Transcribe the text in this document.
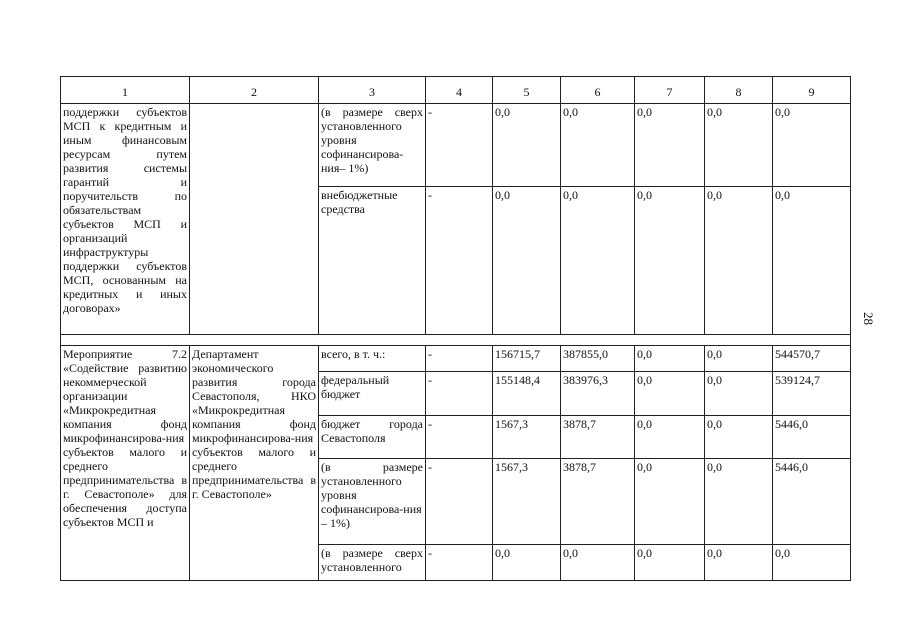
1	2	3	4	5	6	7	8	9
поддержки субъектов МСП к кредитным и иным финансовым ресурсам путем развития системы гарантий и поручительств по обязательствам субъектов МСП и организаций инфраструктуры поддержки субъектов МСП, основанным на кредитных и иных договорах»		(в размере сверх установленного уровня софинансирова-ния– 1%)	-	0,0	0,0	0,0	0,0	0,0
		внебюджетные средства	-	0,0	0,0	0,0	0,0	0,0

Мероприятие 7.2 «Содействие развитию некоммерческой организации «Микрокредитная компания фонд микрофинансирова-ния субъектов малого и среднего предпринимательства в г. Севастополе» для обеспечения доступа субъектов МСП и	Департамент экономического развития города Севастополя, НКО «Микрокредитная компания фонд микрофинансирова-ния субъектов малого и среднего предпринимательства в г. Севастополе»	всего, в т. ч.:	-	156715,7	387855,0	0,0	0,0	544570,7
		федеральный бюджет	-	155148,4	383976,3	0,0	0,0	539124,7
		бюджет города Севастополя	-	1567,3	3878,7	0,0	0,0	5446,0
		(в размере установленного уровня софинансирова-ния – 1%)	-	1567,3	3878,7	0,0	0,0	5446,0
		(в размере сверх установленного	-	0,0	0,0	0,0	0,0	0,0
28
